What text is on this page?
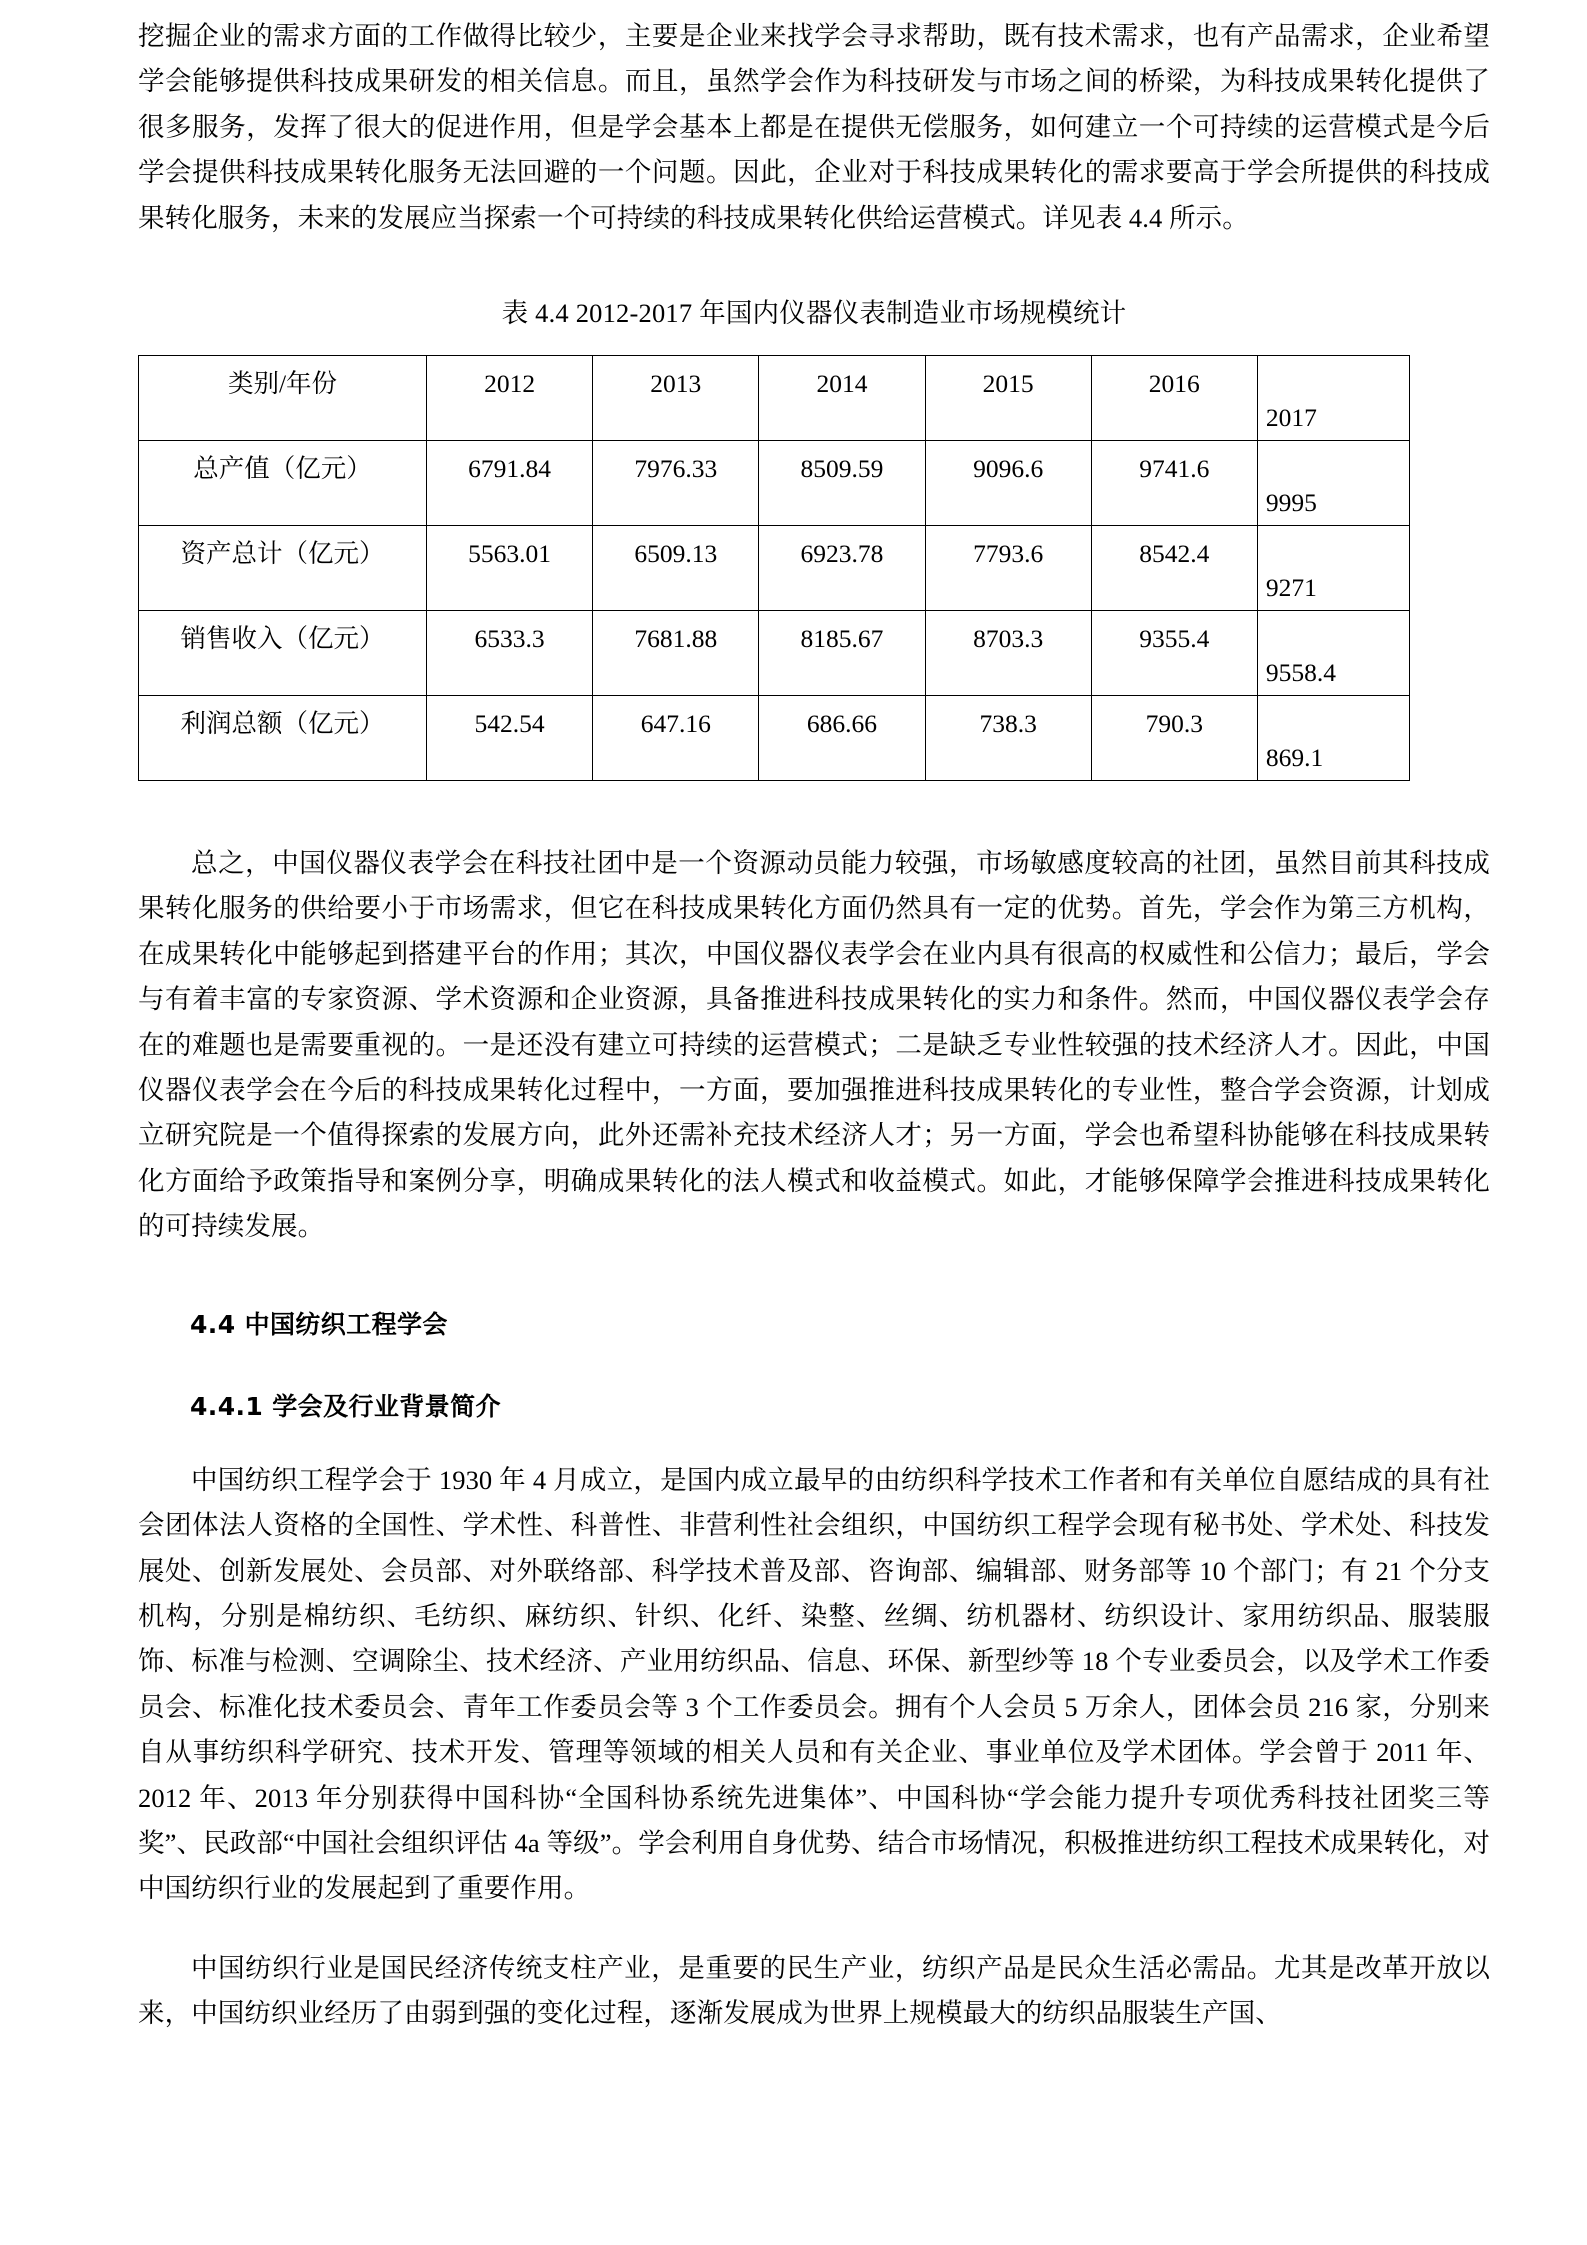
挖掘企业的需求方面的工作做得比较少，主要是企业来找学会寻求帮助，既有技术需求，也有产品需求，企业希望学会能够提供科技成果研发的相关信息。而且，虽然学会作为科技研发与市场之间的桥梁，为科技成果转化提供了很多服务，发挥了很大的促进作用，但是学会基本上都是在提供无偿服务，如何建立一个可持续的运营模式是今后学会提供科技成果转化服务无法回避的一个问题。因此，企业对于科技成果转化的需求要高于学会所提供的科技成果转化服务，未来的发展应当探索一个可持续的科技成果转化供给运营模式。详见表 4.4 所示。

表 4.4 2012-2017 年国内仪器仪表制造业市场规模统计
类别/年份	2012	2013	2014	2015	2016	2017

总产值（亿元）	6791.84	7976.33	8509.59	9096.6	9741.6	9995

资产总计（亿元）	5563.01	6509.13	6923.78	7793.6	8542.4	9271

销售收入（亿元）	6533.3	7681.88	8185.67	8703.3	9355.4	9558.4

利润总额（亿元）	542.54	647.16	686.66	738.3	790.3	869.1

总之，中国仪器仪表学会在科技社团中是一个资源动员能力较强，市场敏感度较高的社团，虽然目前其科技成果转化服务的供给要小于市场需求，但它在科技成果转化方面仍然具有一定的优势。首先，学会作为第三方机构，在成果转化中能够起到搭建平台的作用；其次，中国仪器仪表学会在业内具有很高的权威性和公信力；最后，学会与有着丰富的专家资源、学术资源和企业资源，具备推进科技成果转化的实力和条件。然而，中国仪器仪表学会存在的难题也是需要重视的。一是还没有建立可持续的运营模式；二是缺乏专业性较强的技术经济人才。因此，中国仪器仪表学会在今后的科技成果转化过程中，一方面，要加强推进科技成果转化的专业性，整合学会资源，计划成立研究院是一个值得探索的发展方向，此外还需补充技术经济人才；另一方面，学会也希望科协能够在科技成果转化方面给予政策指导和案例分享，明确成果转化的法人模式和收益模式。如此，才能够保障学会推进科技成果转化的可持续发展。

4.4 中国纺织工程学会
4.4.1 学会及行业背景简介

中国纺织工程学会于 1930 年 4 月成立，是国内成立最早的由纺织科学技术工作者和有关单位自愿结成的具有社会团体法人资格的全国性、学术性、科普性、非营利性社会组织，中国纺织工程学会现有秘书处、学术处、科技发展处、创新发展处、会员部、对外联络部、科学技术普及部、咨询部、编辑部、财务部等 10 个部门；有 21 个分支机构，分别是棉纺织、毛纺织、麻纺织、针织、化纤、染整、丝绸、纺机器材、纺织设计、家用纺织品、服装服饰、标准与检测、空调除尘、技术经济、产业用纺织品、信息、环保、新型纱等 18 个专业委员会，以及学术工作委员会、标准化技术委员会、青年工作委员会等 3 个工作委员会。拥有个人会员 5 万余人，团体会员 216 家，分别来自从事纺织科学研究、技术开发、管理等领域的相关人员和有关企业、事业单位及学术团体。学会曾于 2011 年、2012 年、2013 年分别获得中国科协“全国科协系统先进集体”、中国科协“学会能力提升专项优秀科技社团奖三等奖”、民政部“中国社会组织评估 4a 等级”。学会利用自身优势、结合市场情况，积极推进纺织工程技术成果转化，对中国纺织行业的发展起到了重要作用。

中国纺织行业是国民经济传统支柱产业，是重要的民生产业，纺织产品是民众生活必需品。尤其是改革开放以来，中国纺织业经历了由弱到强的变化过程，逐渐发展成为世界上规模最大的纺织品服装生产国、
